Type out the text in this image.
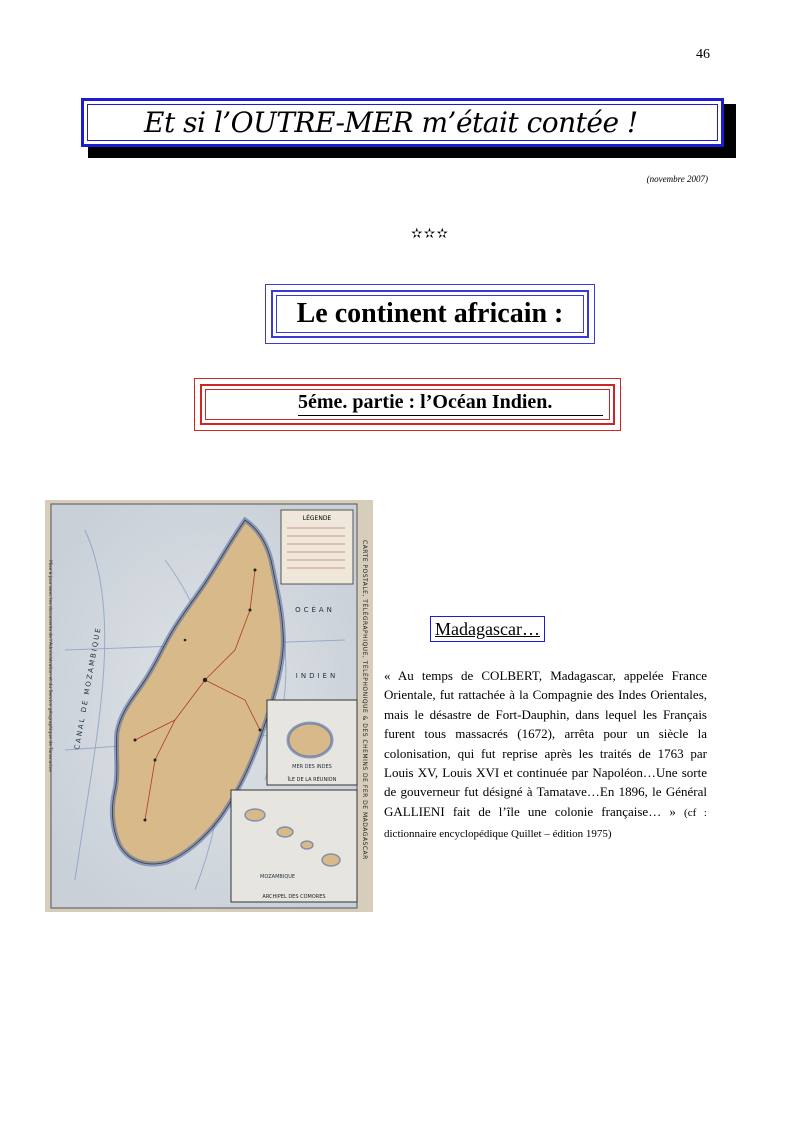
46
Et si l’OUTRE-MER m’était contée !
(novembre 2007)
✫✫✫
Le continent africain :
5éme. partie : l’Océan Indien.
LÉGENDE
OCÉAN
INDIEN
CANAL DE MOZAMBIQUE
MER DES INDES
ÎLE DE LA RÉUNION
MOZAMBIQUE
ARCHIPEL DES COMORES
CARTE POSTALE, TÉLÉGRAPHIQUE, TÉLÉPHONIQUE & DES CHEMINS DE FER DE MADAGASCAR
Mise à jour avec les documents de l’Administration et du Service géographique de Tananarive	Madagascar…
« Au temps de COLBERT, Madagascar, appelée France Orientale, fut rattachée à la Compagnie des Indes Orientales, mais le désastre de Fort-Dauphin, dans lequel les Français furent tous massacrés (1672), arrêta pour un siècle la colonisation, qui fut reprise après les traités de 1763 par Louis XV, Louis XVI et continuée par Napoléon…Une sorte de gouverneur fut désigné à Tamatave…En 1896, le Général GALLIENI fait de l’île une colonie française… » (cf : dictionnaire encyclopédique Quillet – édition 1975)
